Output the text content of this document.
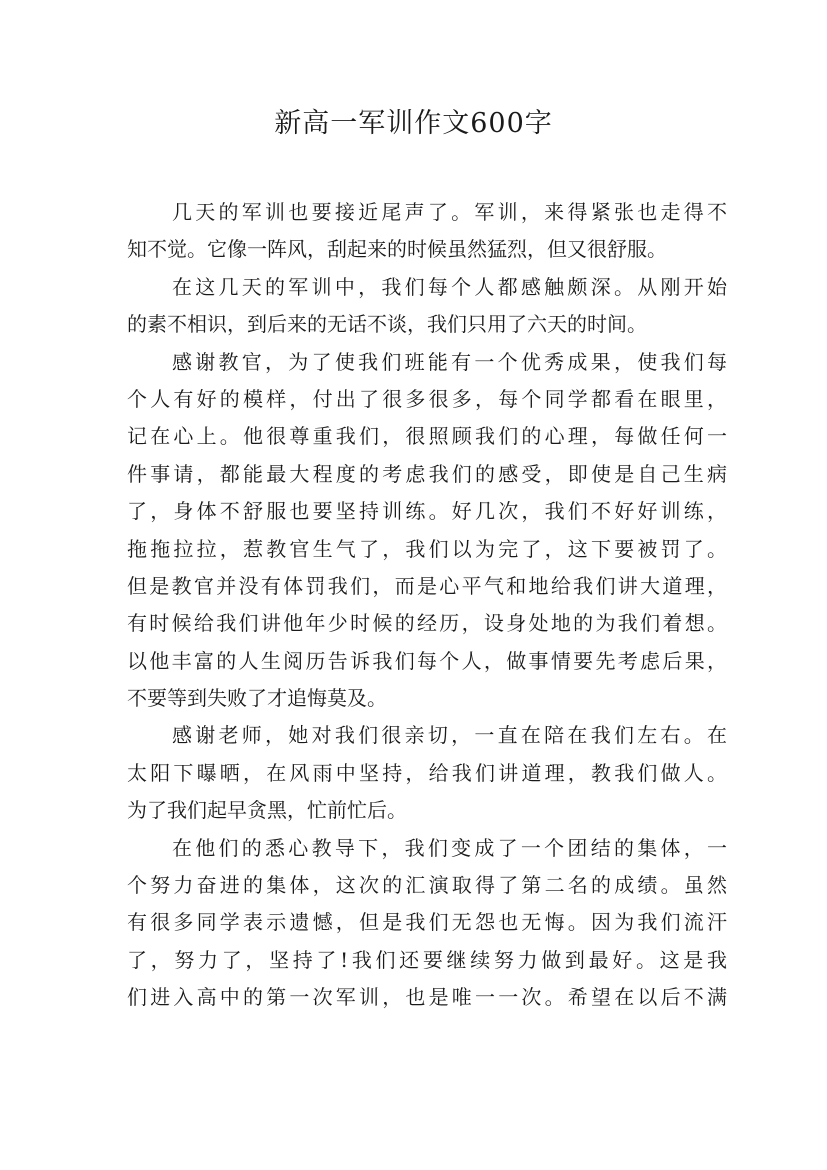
新高一军训作文600字
几天的军训也要接近尾声了。军训，来得紧张也走得不
知不觉。它像一阵风，刮起来的时候虽然猛烈，但又很舒服。
在这几天的军训中，我们每个人都感触颇深。从刚开始
的素不相识，到后来的无话不谈，我们只用了六天的时间。
感谢教官，为了使我们班能有一个优秀成果，使我们每
个人有好的模样，付出了很多很多，每个同学都看在眼里，
记在心上。他很尊重我们，很照顾我们的心理，每做任何一
件事请，都能最大程度的考虑我们的感受，即使是自己生病
了，身体不舒服也要坚持训练。好几次，我们不好好训练，
拖拖拉拉，惹教官生气了，我们以为完了，这下要被罚了。
但是教官并没有体罚我们，而是心平气和地给我们讲大道理，
有时候给我们讲他年少时候的经历，设身处地的为我们着想。
以他丰富的人生阅历告诉我们每个人，做事情要先考虑后果，
不要等到失败了才追悔莫及。
感谢老师，她对我们很亲切，一直在陪在我们左右。在
太阳下曝晒，在风雨中坚持，给我们讲道理，教我们做人。
为了我们起早贪黑，忙前忙后。
在他们的悉心教导下，我们变成了一个团结的集体，一
个努力奋进的集体，这次的汇演取得了第二名的成绩。虽然
有很多同学表示遗憾，但是我们无怨也无悔。因为我们流汗
了，努力了，坚持了!我们还要继续努力做到最好。这是我
们进入高中的第一次军训，也是唯一一次。希望在以后不满
